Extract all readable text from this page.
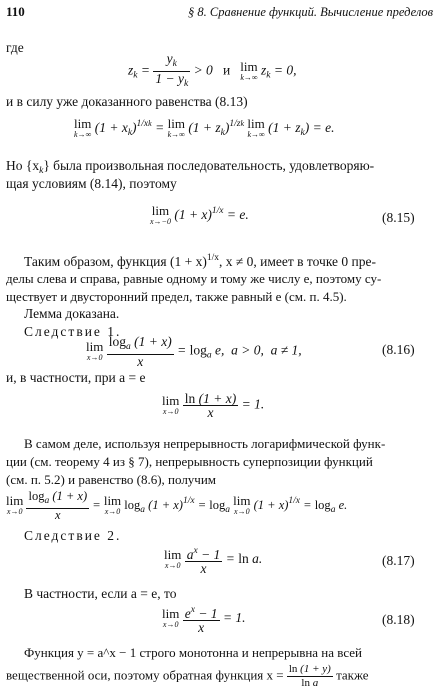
110	§ 8. Сравнение функций. Вычисление пределов
где
$z_k = \frac{y_k}{1 - y_k} > 0$   и lim
k→∞ $z_k = 0$,
и в силу уже доказанного равенства (8.13)
lim
k→∞ $(1 + x_k)^{1/xk} = \lim$
k→∞ $(1 + z_k)^{1/zk}$ lim
k→∞ $(1 + z_k) = e$.
Но $\{x_k\}$ была произвольная последовательность, удовлетворяю-
щая условиям (8.14), поэтому
lim
x→−0 $(1 + x)^{1/x} = e$.	(8.15)
Таким образом, функция $(1 + x)^{1/x}$, x ≠ 0, имеет в точке 0 пре-
делы слева и справа, равные одному и тому же числу e, поэтому су-
ществует и двусторонний предел, также равный e (см. п. 4.5).
Лемма доказана.
Следствие 1.
lim
x→0
$\frac{\log_a (1 + x)}{x} = \log_a e$,  a > 0,  a ≠ 1,	(8.16)
и, в частности, при a = e
lim
x→0
$\frac{\ln (1 + x)}{x} = 1$.
В самом деле, используя непрерывность логарифмической функ-
ции (см. теорему 4 из § 7), непрерывность суперпозиции функций
(см. п. 5.2) и равенство (8.6), получим
lim
x→0
$\frac{\log_a (1 + x)}{x} = \lim$
x→0 $\log_a (1 + x)^{1/x} = \log_a$
lim
x→0 $(1 + x)^{1/x} = \log_a e$.
Следствие 2.
lim
x→0
$\frac{a^x - 1}{x} = \ln a$.	(8.17)
В частности, если a = e, то
lim
x→0
$\frac{e^x - 1}{x} = 1$.	(8.18)
Функция y = a^x − 1 строго монотонна и непрерывна на всей
вещественной оси, поэтому обратная функция $x = \frac{\ln (1 + y)}{\text{ln a}}$ также
